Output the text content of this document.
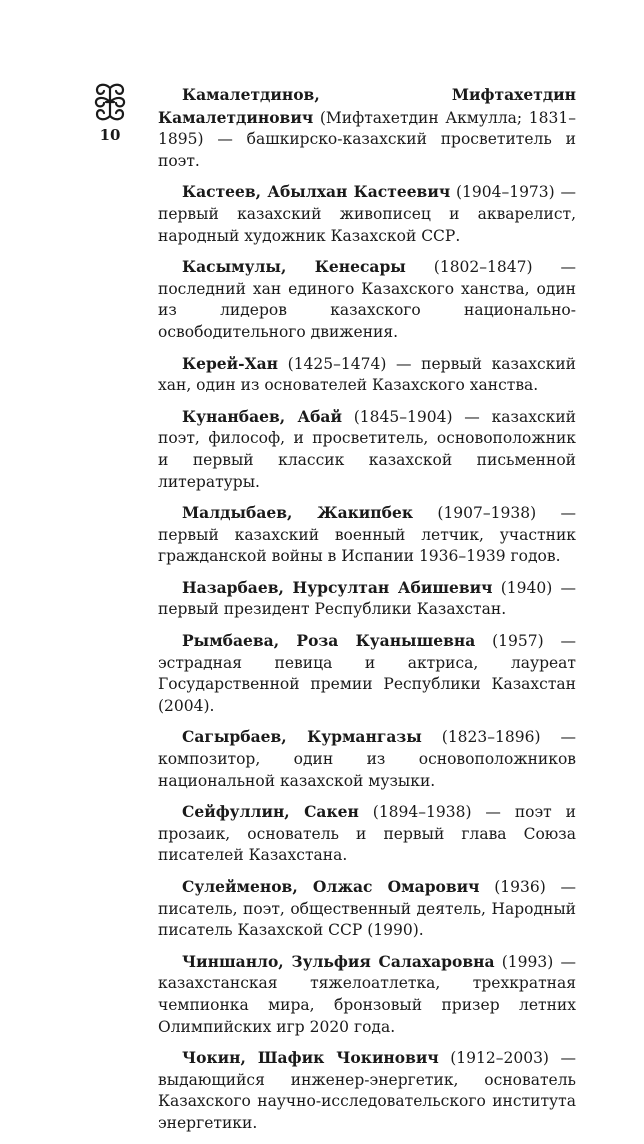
10

Камалетдинов, Мифтахетдин Камалетдинович (Мифтахетдин Акмулла; 1831–1895) — башкирско-казахский просветитель и поэт.

Кастеев, Абылхан Кастеевич (1904–1973) — первый казахский живописец и акварелист, народный художник Казахской ССР.

Касымулы, Кенесары (1802–1847) — последний хан единого Казахского ханства, один из лидеров казахского национально-освободительного движения.

Керей-Хан (1425–1474) — первый казахский хан, один из основателей Казахского ханства.

Кунанбаев, Абай (1845–1904) — казахский поэт, философ, и просветитель, основоположник и первый классик казахской письменной литературы.

Малдыбаев, Жакипбек (1907–1938) — первый казахский военный летчик, участник гражданской войны в Испании 1936–1939 годов.

Назарбаев, Нурсултан Абишевич (1940) — первый президент Республики Казахстан.

Рымбаева, Роза Куанышевна (1957) — эстрадная певица и актриса, лауреат Государственной премии Республики Казахстан (2004).

Сагырбаев, Курмангазы (1823–1896) — композитор, один из основоположников национальной казахской музыки.

Сейфуллин, Сакен (1894–1938) — поэт и прозаик, основатель и первый глава Союза писателей Казахстана.

Сулейменов, Олжас Омарович (1936) — писатель, поэт, общественный деятель, Народный писатель Казахской ССР (1990).

Чиншанло, Зульфия Салахаровна (1993) — казахстанская тяжелоатлетка, трехкратная чемпионка мира, бронзовый призер летних Олимпийских игр 2020 года.

Чокин, Шафик Чокинович (1912–2003) — выдающийся инженер-энергетик, основатель Казахского научно-исследовательского института энергетики.
